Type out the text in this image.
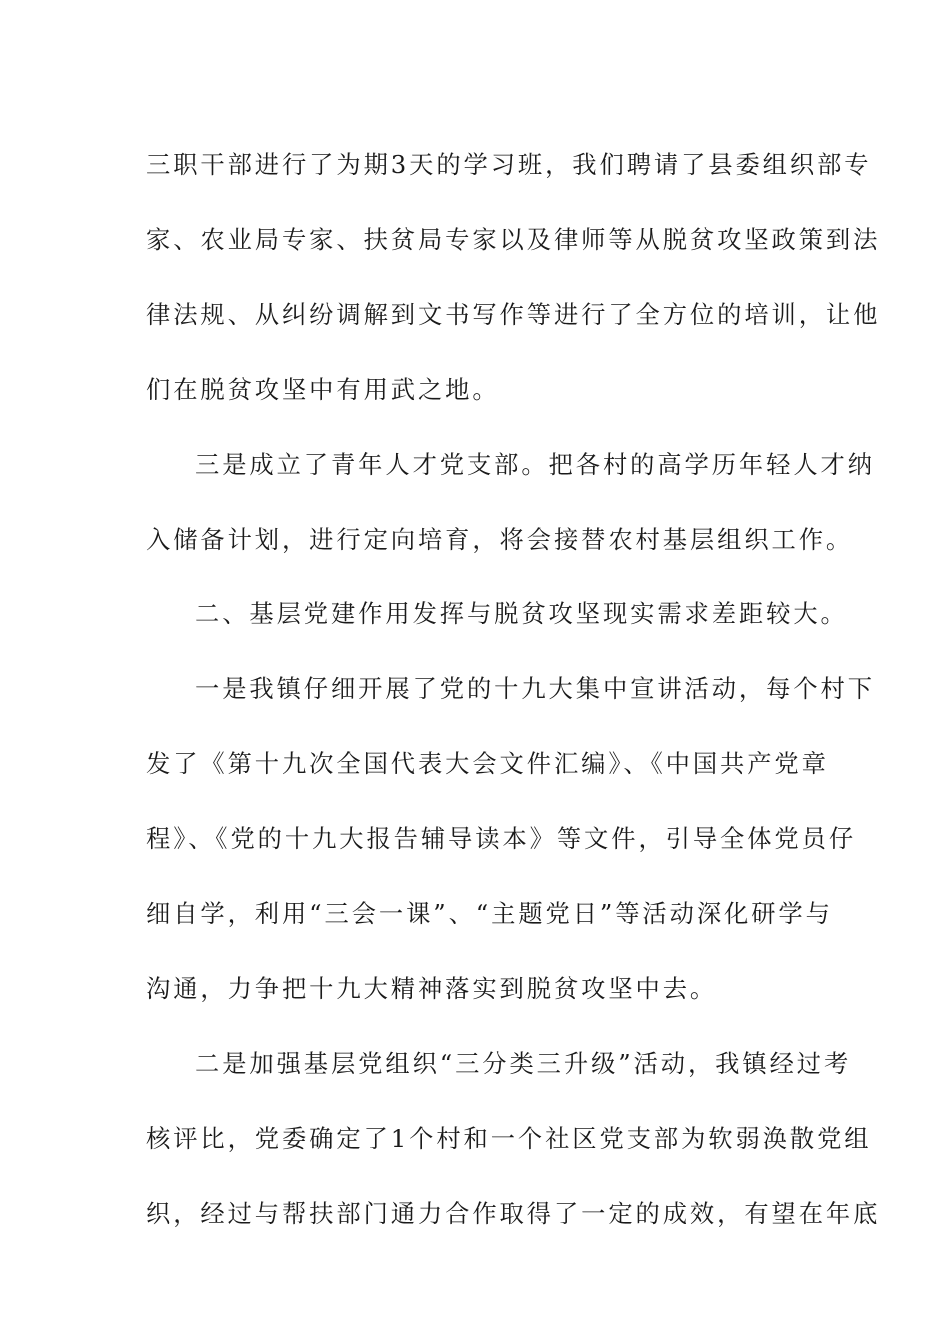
三职干部进行了为期3天的学习班，我们聘请了县委组织部专
家、农业局专家、扶贫局专家以及律师等从脱贫攻坚政策到法
律法规、从纠纷调解到文书写作等进行了全方位的培训，让他
们在脱贫攻坚中有用武之地。

三是成立了青年人才党支部。把各村的高学历年轻人才纳
入储备计划，进行定向培育，将会接替农村基层组织工作。

二、基层党建作用发挥与脱贫攻坚现实需求差距较大。

一是我镇仔细开展了党的十九大集中宣讲活动，每个村下
发了《第十九次全国代表大会文件汇编》、《中国共产党章
程》、《党的十九大报告辅导读本》等文件，引导全体党员仔
细自学，利用“三会一课”、“主题党日”等活动深化研学与
沟通，力争把十九大精神落实到脱贫攻坚中去。

二是加强基层党组织“三分类三升级”活动，我镇经过考
核评比，党委确定了1个村和一个社区党支部为软弱涣散党组
织，经过与帮扶部门通力合作取得了一定的成效，有望在年底
